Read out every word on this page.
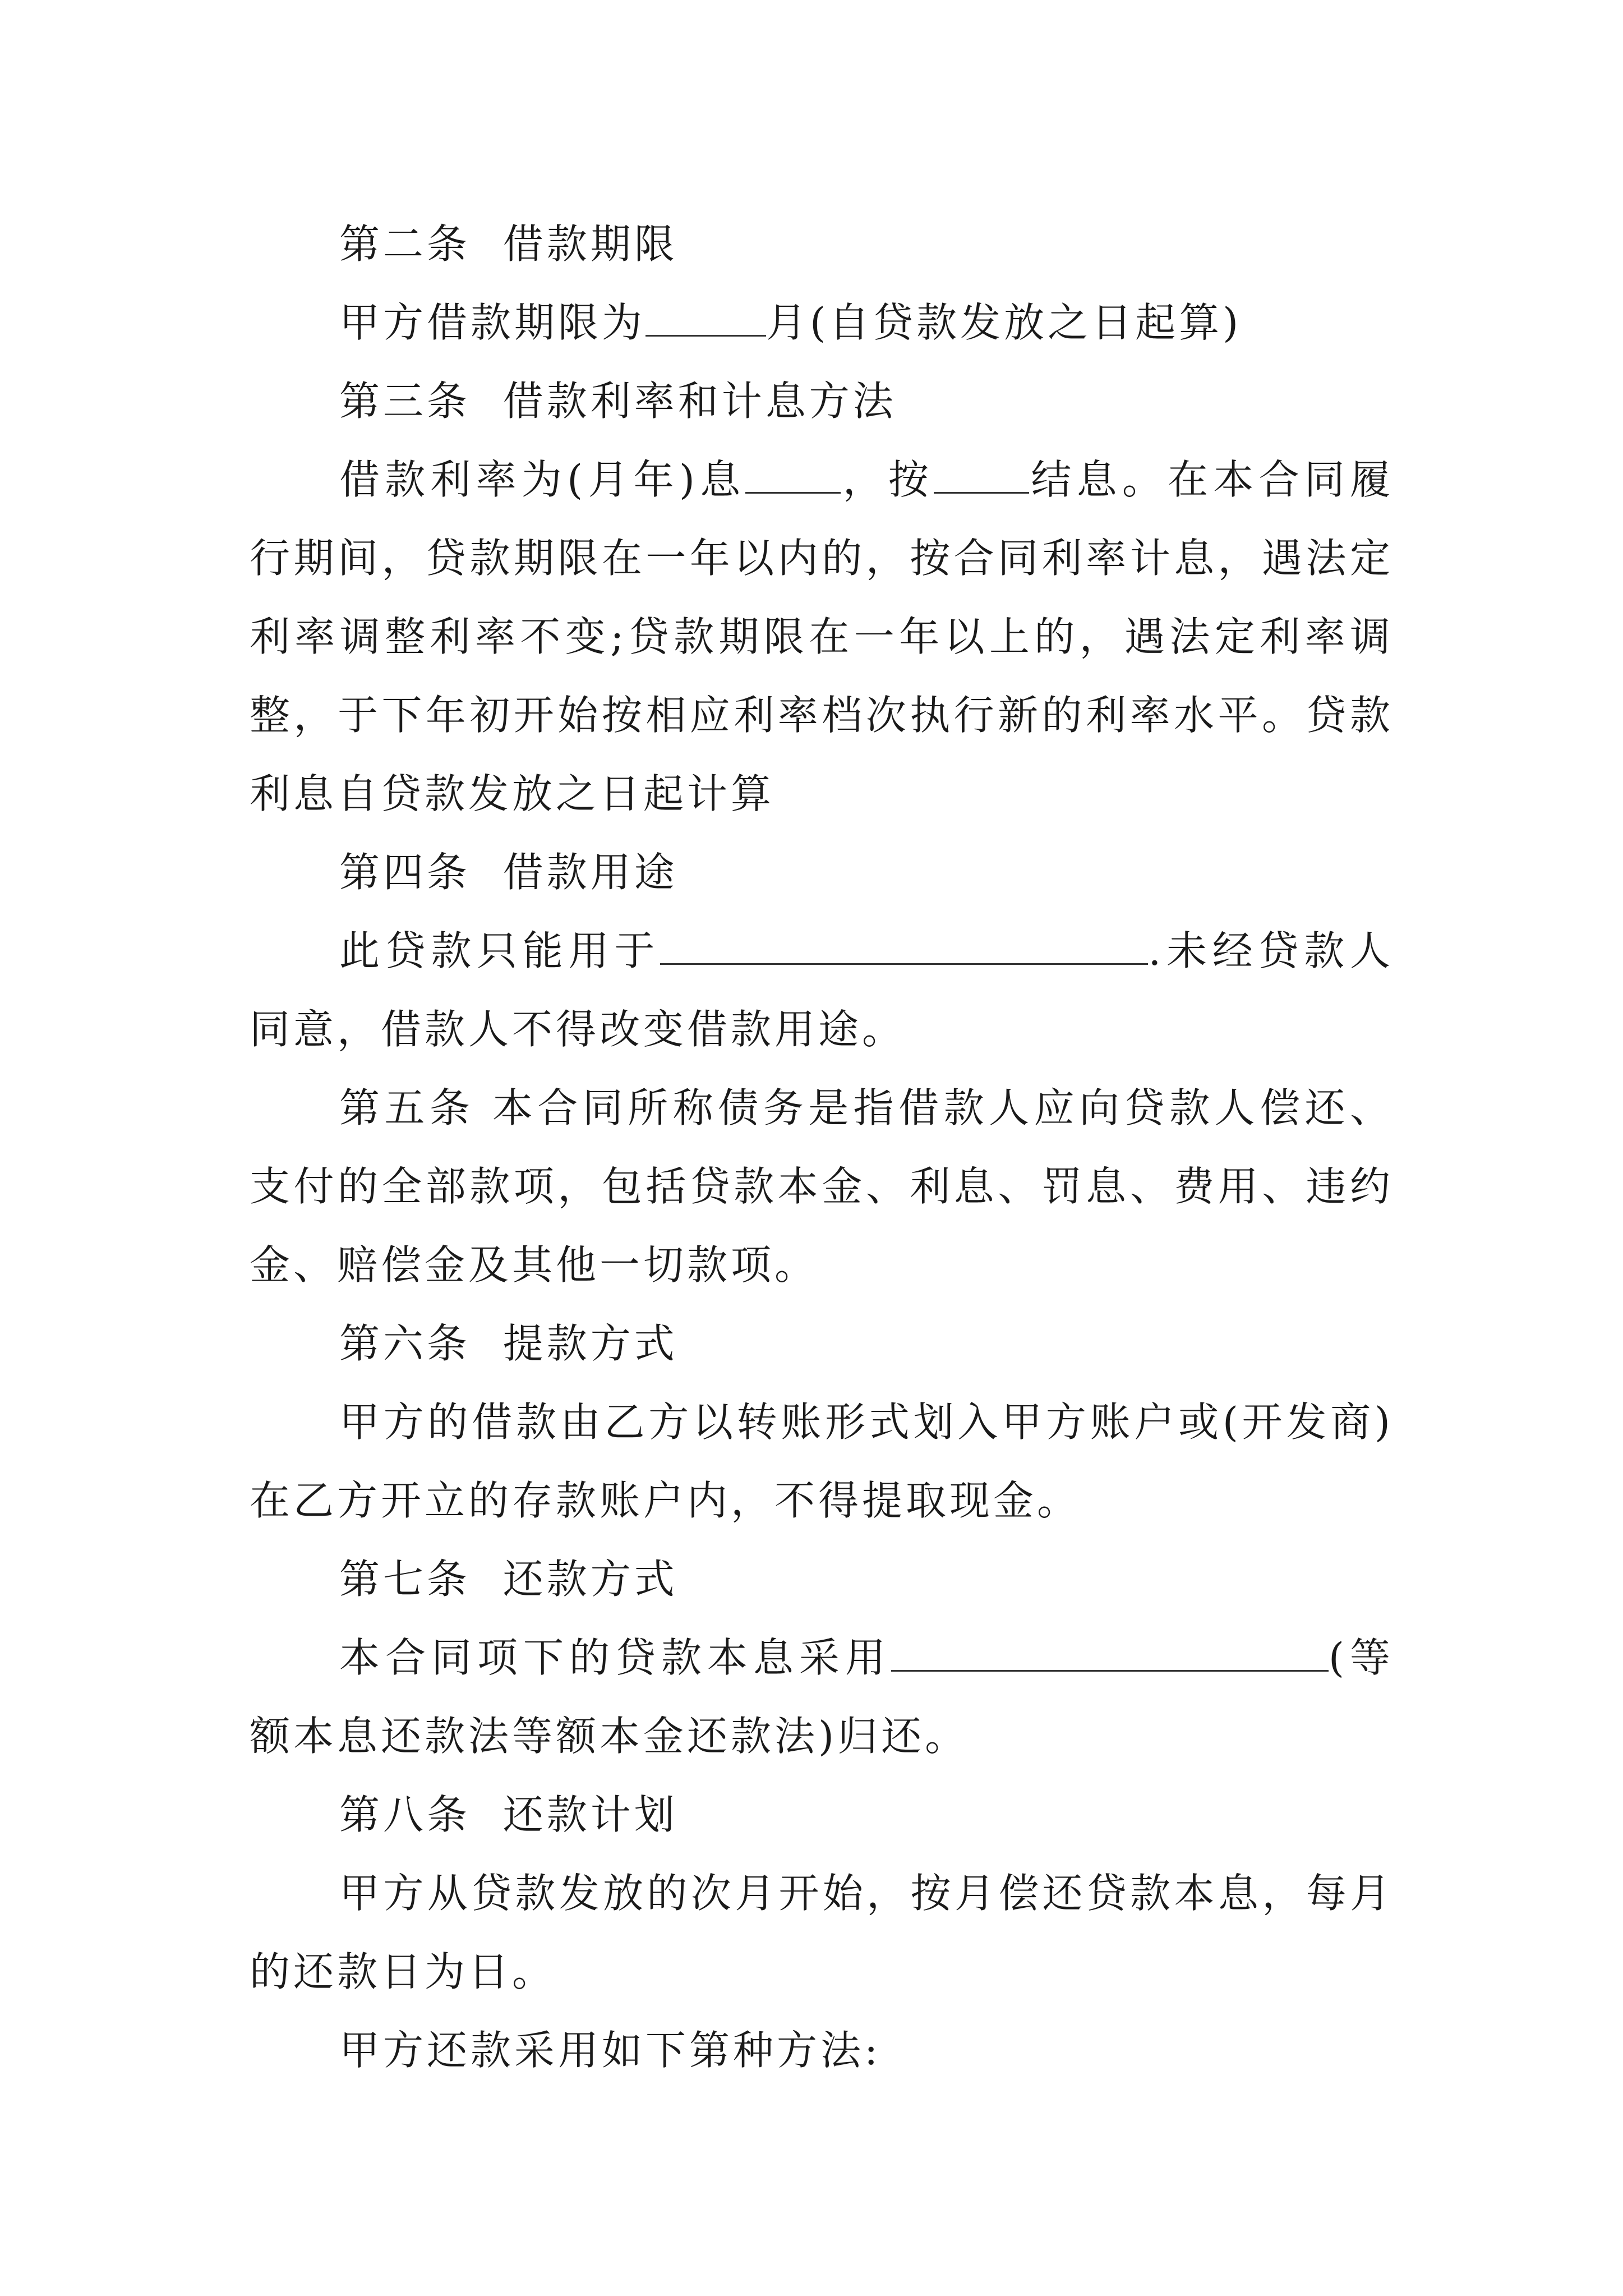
第二条  借款期限

甲方借款期限为	月(自贷款发放之日起算)

第三条  借款利率和计息方法

借款利率为(月年)息 ，按 结息。在本合同履行期间，贷款期限在一年以内的，按合同利率计息，遇法定利率调整利率不变;贷款期限在一年以上的，遇法定利率调整，于下年初开始按相应利率档次执行新的利率水平。贷款利息自贷款发放之日起计算

第四条  借款用途

此贷款只能用于	.未经贷款人同意，借款人不得改变借款用途。

第五条 本合同所称债务是指借款人应向贷款人偿还、支付的全部款项，包括贷款本金、利息、罚息、费用、违约金、赔偿金及其他一切款项。

第六条  提款方式

甲方的借款由乙方以转账形式划入甲方账户或(开发商)在乙方开立的存款账户内，不得提取现金。

第七条  还款方式

本合同项下的贷款本息采用	(等额本息还款法等额本金还款法)归还。

第八条  还款计划

甲方从贷款发放的次月开始，按月偿还贷款本息，每月的还款日为日。

甲方还款采用如下第种方法:
